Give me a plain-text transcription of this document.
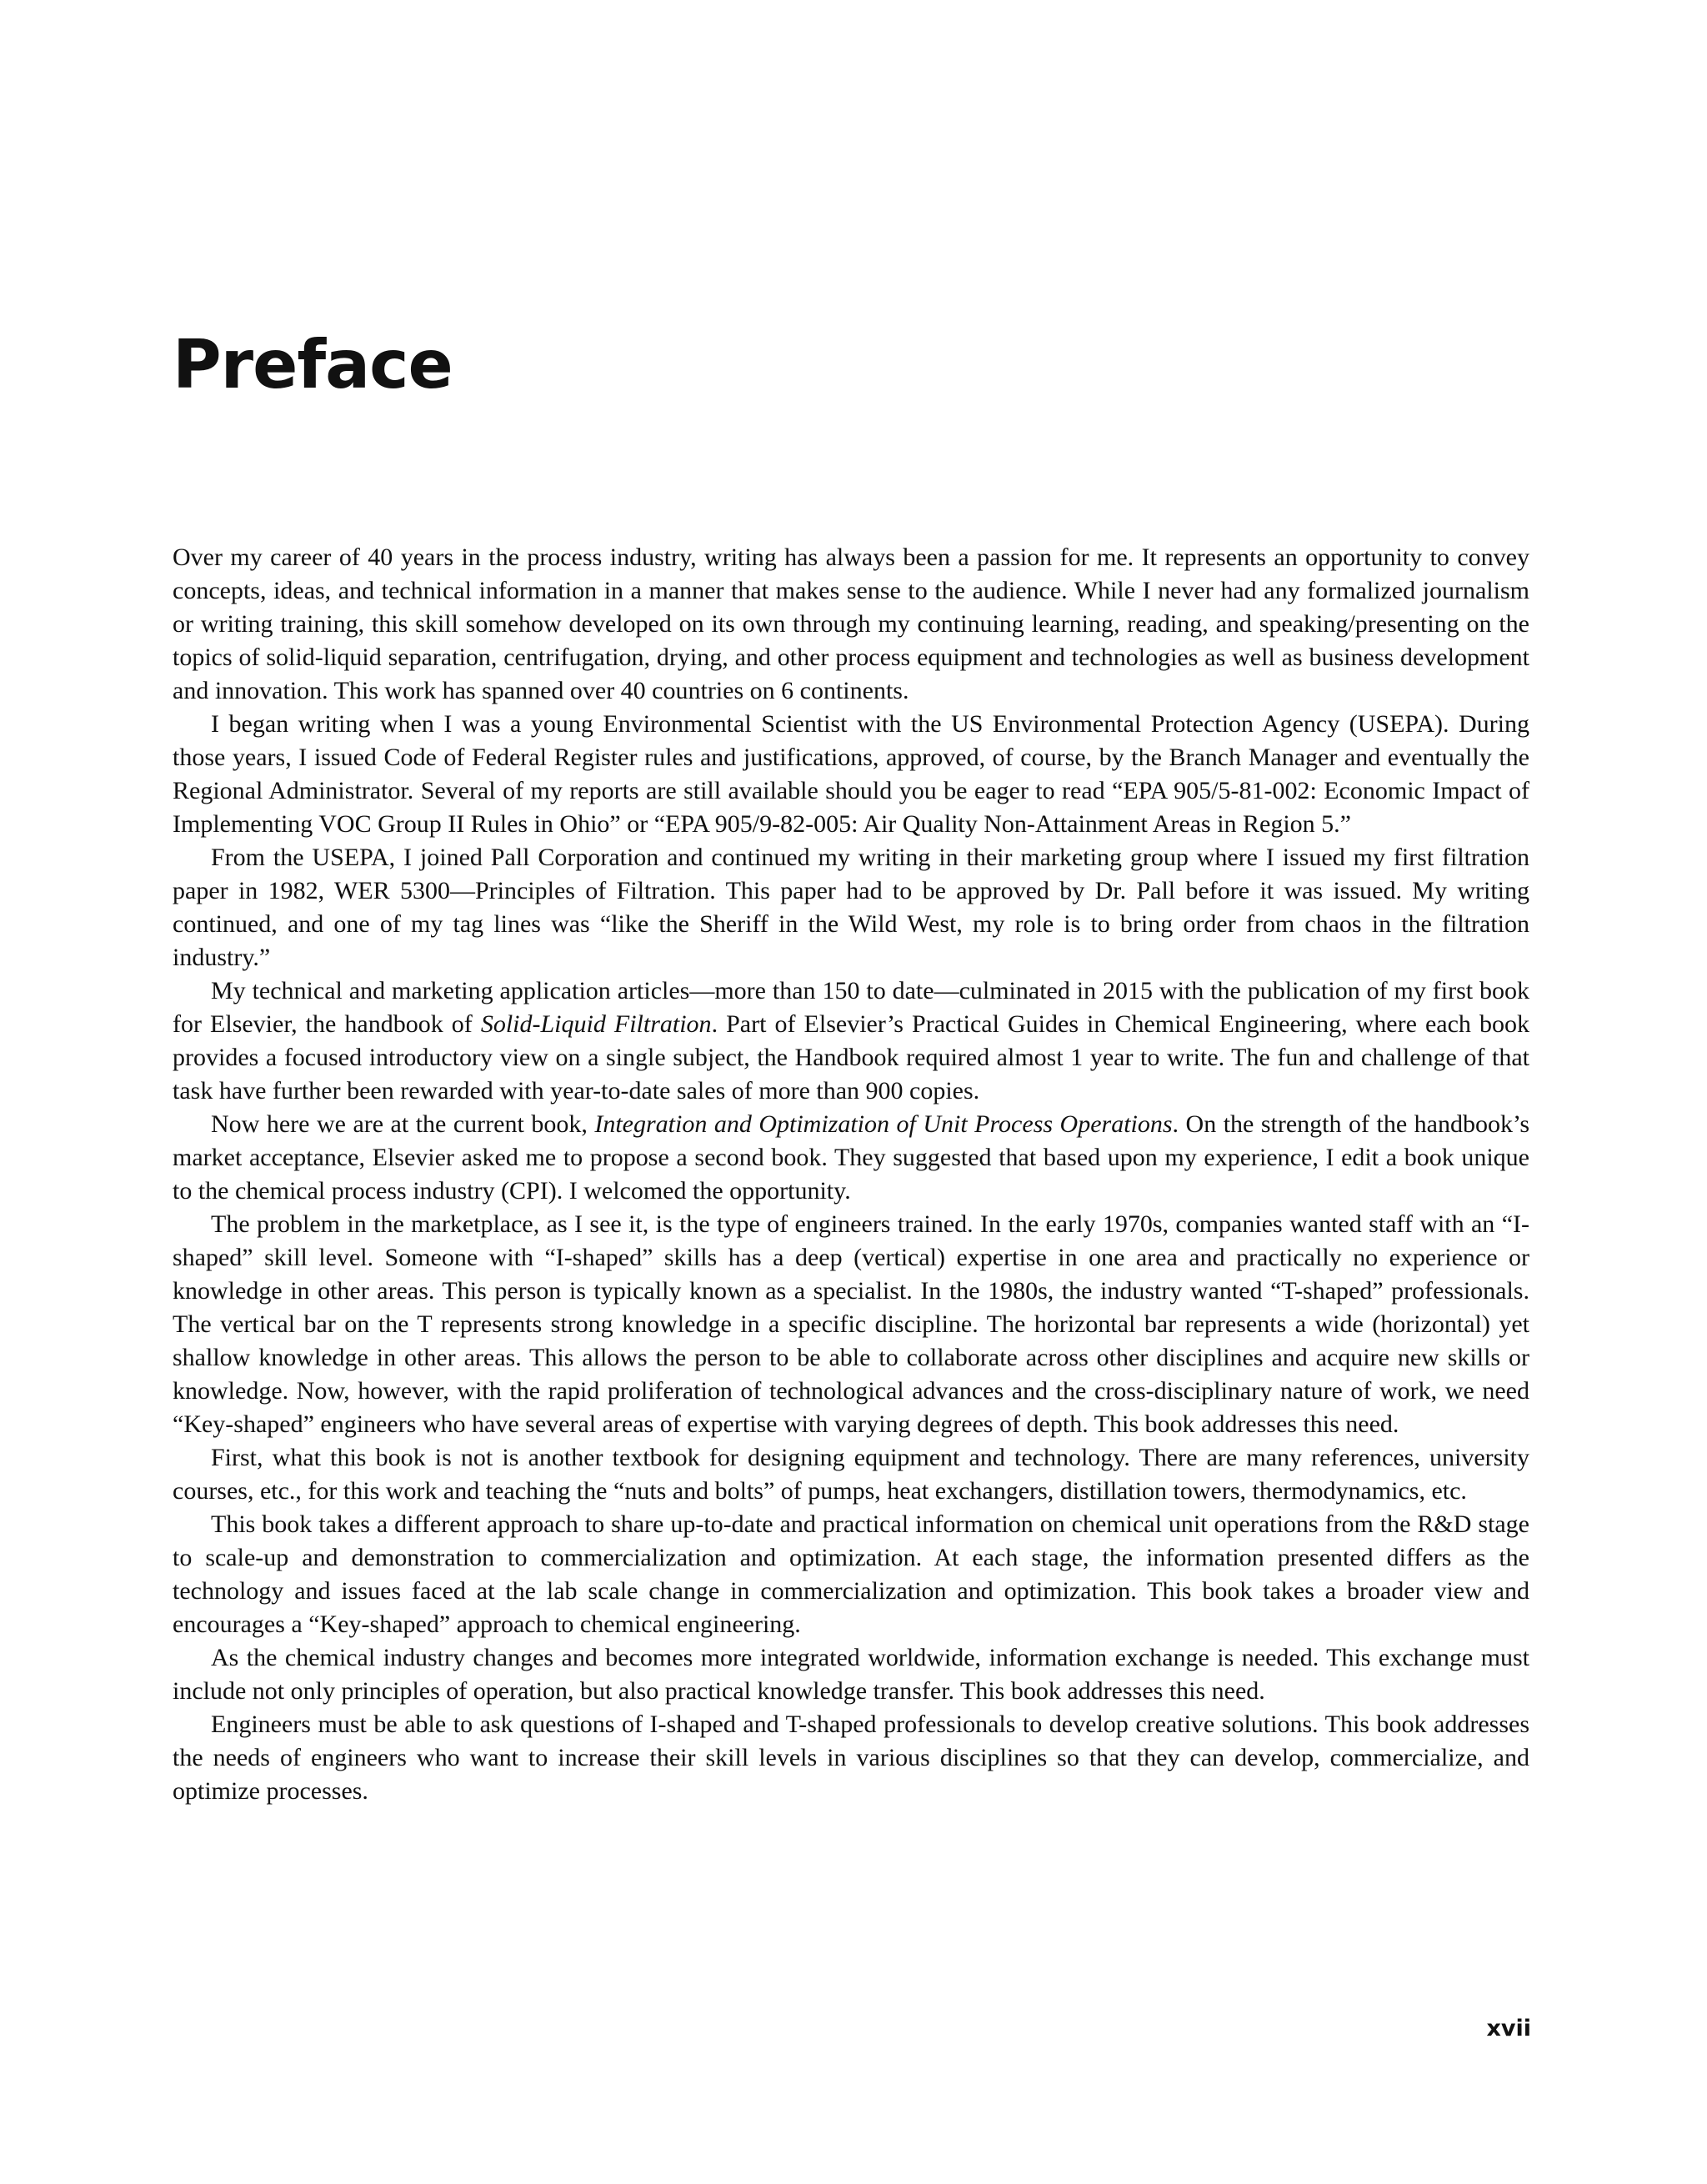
Preface

Over my career of 40 years in the process industry, writing has always been a passion for me. It represents an opportunity to convey concepts, ideas, and technical information in a manner that makes sense to the audience. While I never had any formalized journalism or writing training, this skill somehow developed on its own through my continuing learning, reading, and speaking/presenting on the topics of solid-liquid separation, centrifugation, drying, and other process equipment and technologies as well as business development and innovation. This work has spanned over 40 countries on 6 continents.

I began writing when I was a young Environmental Scientist with the US Environmental Protection Agency (USEPA). During those years, I issued Code of Federal Register rules and justifications, approved, of course, by the Branch Manager and eventually the Regional Administrator. Several of my reports are still available should you be eager to read “EPA 905/5-81-002: Economic Impact of Implementing VOC Group II Rules in Ohio” or “EPA 905/9-82-005: Air Quality Non-Attainment Areas in Region 5.”

From the USEPA, I joined Pall Corporation and continued my writing in their marketing group where I issued my first filtration paper in 1982, WER 5300—Principles of Filtration. This paper had to be approved by Dr. Pall before it was issued. My writing continued, and one of my tag lines was “like the Sheriff in the Wild West, my role is to bring order from chaos in the filtration industry.”

My technical and marketing application articles—more than 150 to date—culminated in 2015 with the publication of my first book for Elsevier, the handbook of Solid-Liquid Filtration. Part of Elsevier’s Practical Guides in Chemical Engineering, where each book provides a focused introductory view on a single subject, the Handbook required almost 1 year to write. The fun and challenge of that task have further been rewarded with year-to-date sales of more than 900 copies.

Now here we are at the current book, Integration and Optimization of Unit Process Operations. On the strength of the handbook’s market acceptance, Elsevier asked me to propose a second book. They suggested that based upon my experience, I edit a book unique to the chemical process industry (CPI). I welcomed the opportunity.

The problem in the marketplace, as I see it, is the type of engineers trained. In the early 1970s, companies wanted staff with an “I-shaped” skill level. Someone with “I-shaped” skills has a deep (vertical) expertise in one area and practically no experience or knowledge in other areas. This person is typically known as a specialist. In the 1980s, the industry wanted “T-shaped” professionals. The vertical bar on the T represents strong knowledge in a specific discipline. The horizontal bar represents a wide (horizontal) yet shallow knowledge in other areas. This allows the person to be able to collaborate across other disciplines and acquire new skills or knowledge. Now, however, with the rapid proliferation of technological advances and the cross-disciplinary nature of work, we need “Key-shaped” engineers who have several areas of expertise with varying degrees of depth. This book addresses this need.

First, what this book is not is another textbook for designing equipment and technology. There are many references, university courses, etc., for this work and teaching the “nuts and bolts” of pumps, heat exchangers, distillation towers, thermodynamics, etc.

This book takes a different approach to share up-to-date and practical information on chemical unit operations from the R&D stage to scale-up and demonstration to commercialization and optimization. At each stage, the information presented differs as the technology and issues faced at the lab scale change in commercialization and optimization. This book takes a broader view and encourages a “Key-shaped” approach to chemical engineering.

As the chemical industry changes and becomes more integrated worldwide, information exchange is needed. This exchange must include not only principles of operation, but also practical knowledge transfer. This book addresses this need.

Engineers must be able to ask questions of I-shaped and T-shaped professionals to develop creative solutions. This book addresses the needs of engineers who want to increase their skill levels in various disciplines so that they can develop, commercialize, and optimize processes.

xvii
